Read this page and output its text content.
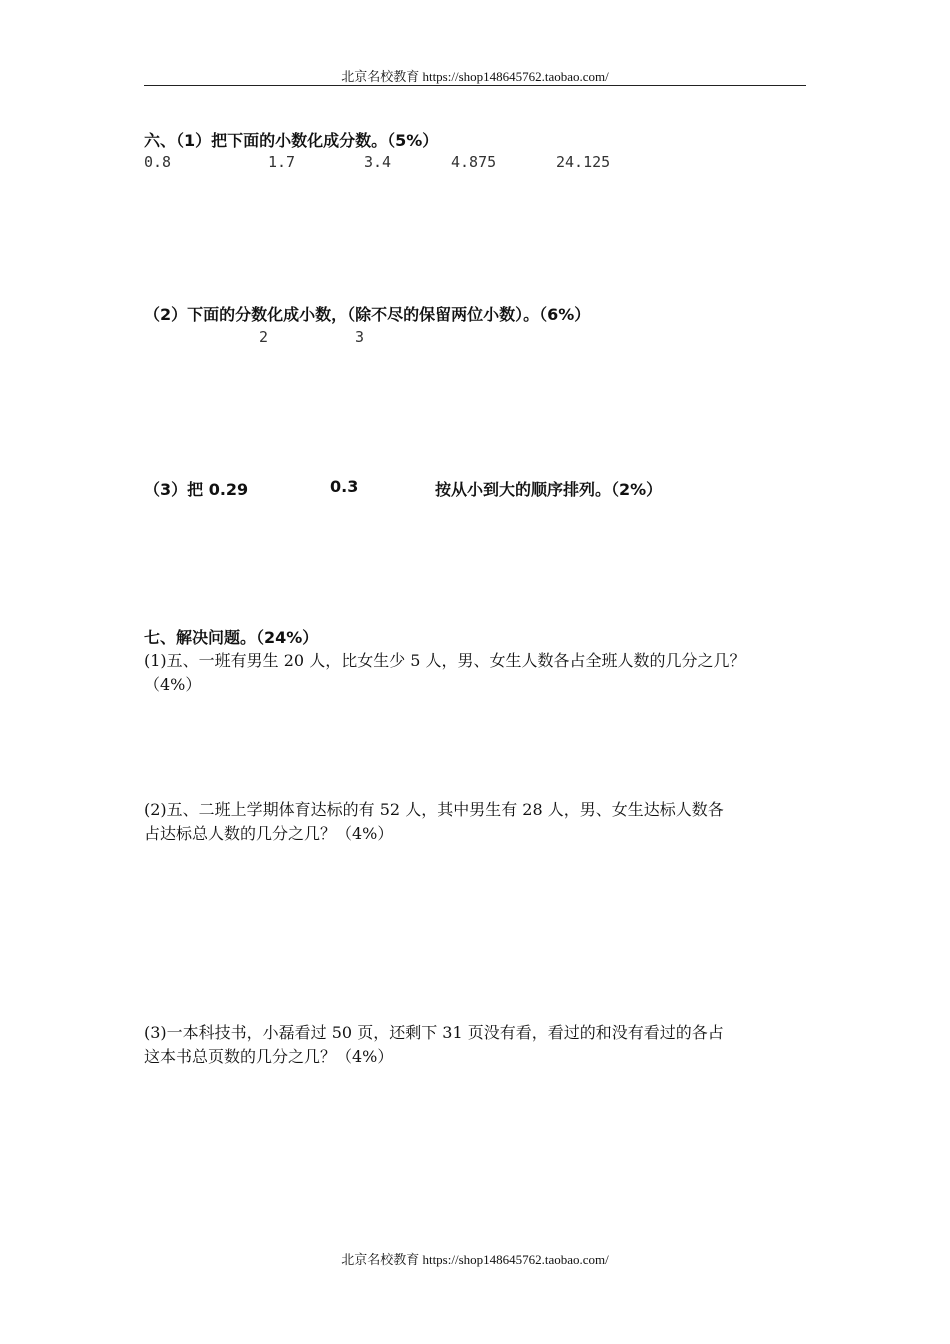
北京名校教育 https://shop148645762.taobao.com/
六、（1）把下面的小数化成分数。（5%）
0.8	1.7	3.4	4.875	24.125
（2）下面的分数化成小数，（除不尽的保留两位小数）。（6%）
2	3
（3）把 0.29	0.3	按从小到大的顺序排列。（2%）
七、解决问题。（24%）
(1)五、一班有男生 20 人，比女生少 5 人，男、女生人数各占全班人数的几分之几？
（4%）
(2)五、二班上学期体育达标的有 52 人，其中男生有 28 人，男、女生达标人数各
占达标总人数的几分之几？（4%）
(3)一本科技书，小磊看过 50 页，还剩下 31 页没有看，看过的和没有看过的各占
这本书总页数的几分之几？（4%）
北京名校教育 https://shop148645762.taobao.com/
